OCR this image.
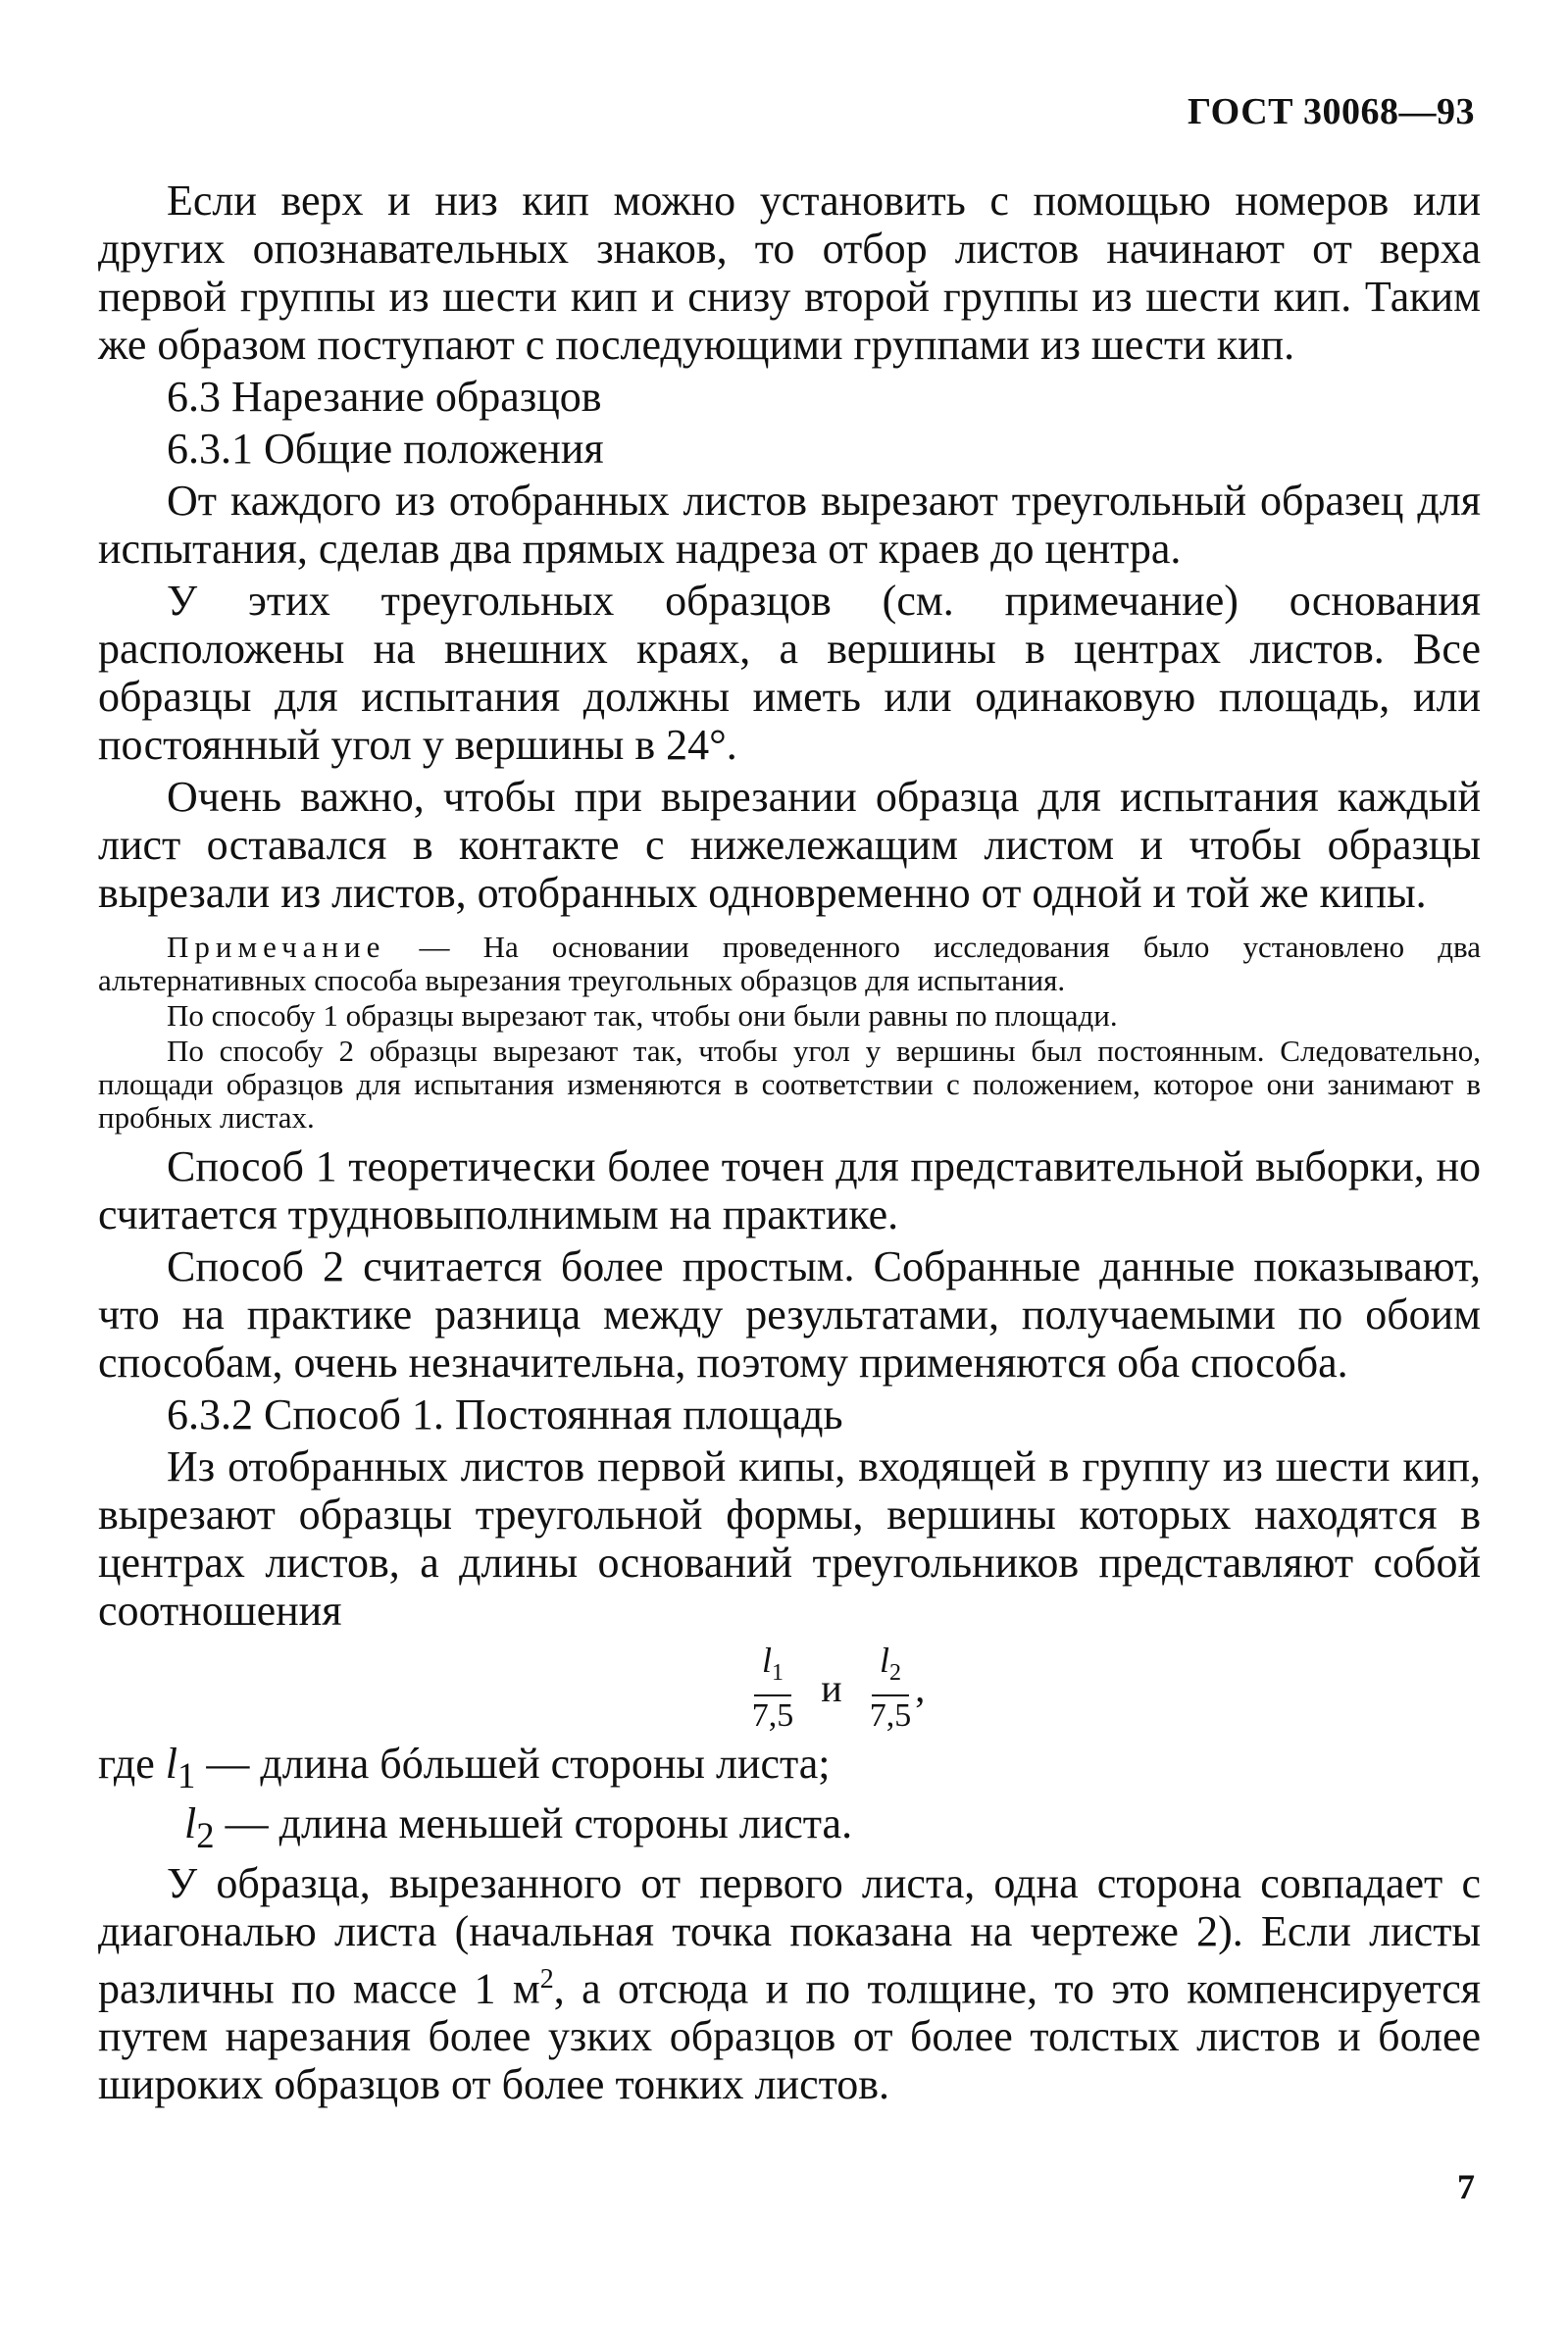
ГОСТ 30068—93

Если верх и низ кип можно установить с помощью номеров или других опознавательных знаков, то отбор листов начинают от верха первой группы из шести кип и снизу второй группы из шести кип. Таким же образом поступают с последующими группами из шести кип.

6.3 Нарезание образцов

6.3.1 Общие положения

От каждого из отобранных листов вырезают треугольный образец для испытания, сделав два прямых надреза от краев до центра.

У этих треугольных образцов (см. примечание) основания расположены на внешних краях, а вершины в центрах листов. Все образцы для испытания должны иметь или одинаковую площадь, или постоянный угол у вершины в 24°.

Очень важно, чтобы при вырезании образца для испытания каждый лист оставался в контакте с нижележащим листом и чтобы образцы вырезали из листов, отобранных одновременно от одной и той же кипы.

Примечание — На основании проведенного исследования было установлено два альтернативных способа вырезания треугольных образцов для испытания.

По способу 1 образцы вырезают так, чтобы они были равны по площади.

По способу 2 образцы вырезают так, чтобы угол у вершины был постоянным. Следовательно, площади образцов для испытания изменяются в соответствии с положением, которое они занимают в пробных листах.

Способ 1 теоретически более точен для представительной выборки, но считается трудновыполнимым на практике.

Способ 2 считается более простым. Собранные данные показывают, что на практике разница между результатами, получаемыми по обоим способам, очень незначительна, поэтому применяются оба способа.

6.3.2 Способ 1. Постоянная площадь

Из отобранных листов первой кипы, входящей в группу из шести кип, вырезают образцы треугольной формы, вершины которых находятся в центрах листов, а длины оснований треугольников представляют собой соотношения

$\frac{l_1}{7,5}$ и $\frac{l_2}{7,5}$ ,

где $l_1$ — длина бóльшей стороны листа;

$l_2$ — длина меньшей стороны листа.

У образца, вырезанного от первого листа, одна сторона совпадает с диагональю листа (начальная точка показана на чертеже 2). Если листы различны по массе 1 $м^2$, а отсюда и по толщине, то это компенсируется путем нарезания более узких образцов от более толстых листов и более широких образцов от более тонких листов.

7
